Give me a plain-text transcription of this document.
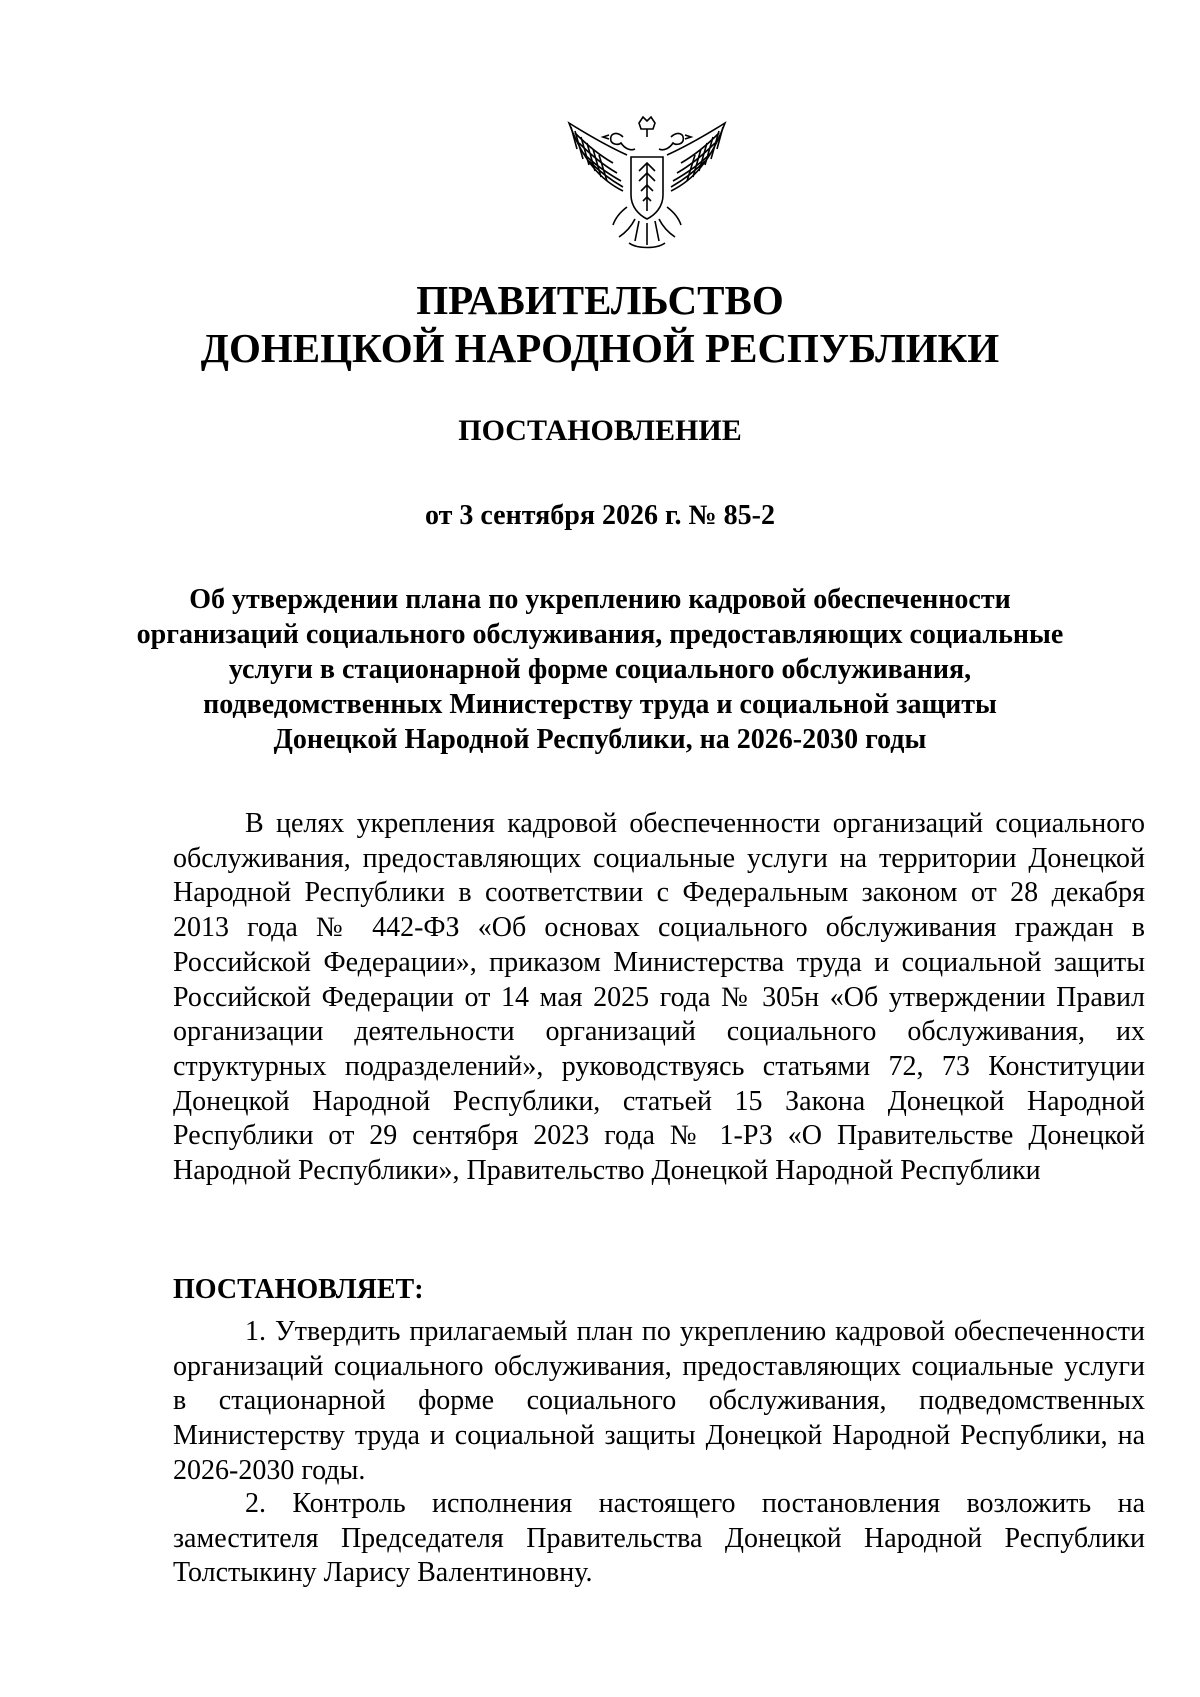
ПРАВИТЕЛЬСТВО
ДОНЕЦКОЙ НАРОДНОЙ РЕСПУБЛИКИ
ПОСТАНОВЛЕНИЕ
от 3 сентября 2026 г. № 85-2
Об утверждении плана по укреплению кадровой обеспеченности
организаций социального обслуживания, предоставляющих социальные
услуги в стационарной форме социального обслуживания,
подведомственных Министерству труда и социальной защиты
Донецкой Народной Республики, на 2026-2030 годы

В целях укрепления кадровой обеспеченности организаций социального обслуживания, предоставляющих социальные услуги на территории Донецкой Народной Республики в соответствии с Федеральным законом от 28 декабря 2013 года № 442-ФЗ «Об основах социального обслуживания граждан в Российской Федерации», приказом Министерства труда и социальной защиты Российской Федерации от 14 мая 2025 года № 305н «Об утверждении Правил организации деятельности организаций социального обслуживания, их структурных подразделений», руководствуясь статьями 72, 73 Конституции Донецкой Народной Республики, статьей 15 Закона Донецкой Народной Республики от 29 сентября 2023 года № 1-РЗ «О Правительстве Донецкой Народной Республики», Правительство Донецкой Народной Республики

ПОСТАНОВЛЯЕТ:

1. Утвердить прилагаемый план по укреплению кадровой обеспеченности организаций социального обслуживания, предоставляющих социальные услуги в стационарной форме социального обслуживания, подведомственных Министерству труда и социальной защиты Донецкой Народной Республики, на 2026-2030 годы.

2. Контроль исполнения настоящего постановления возложить на заместителя Председателя Правительства Донецкой Народной Республики Толстыкину Ларису Валентиновну.
